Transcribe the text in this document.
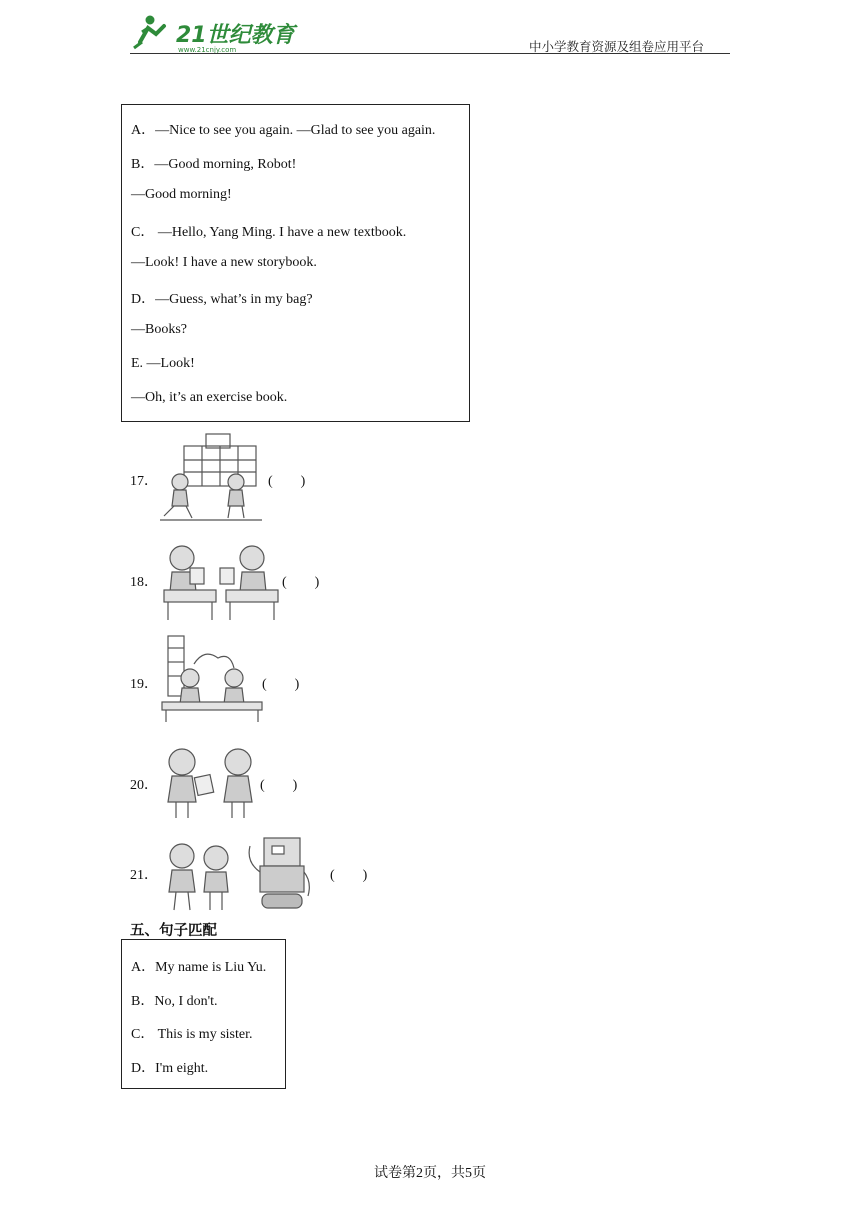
21世纪教育
www.21cnjy.com	中小学教育资源及组卷应用平台
A．—Nice to see you again. —Glad to see you again.
B．—Good morning, Robot!
—Good morning!
C． —Hello, Yang Ming. I have a new textbook.
—Look! I have a new storybook.
D．—Guess, what’s in my bag?
—Books?
E. —Look!
—Oh, it’s an exercise book.
17．	(　　)
18．	(　　)
19．	(　　)
20．	(　　)
21．	(　　)
五、句子匹配
A．My name is Liu Yu.
B．No, I don't.
C． This is my sister.
D．I'm eight.
试卷第2页，共5页
